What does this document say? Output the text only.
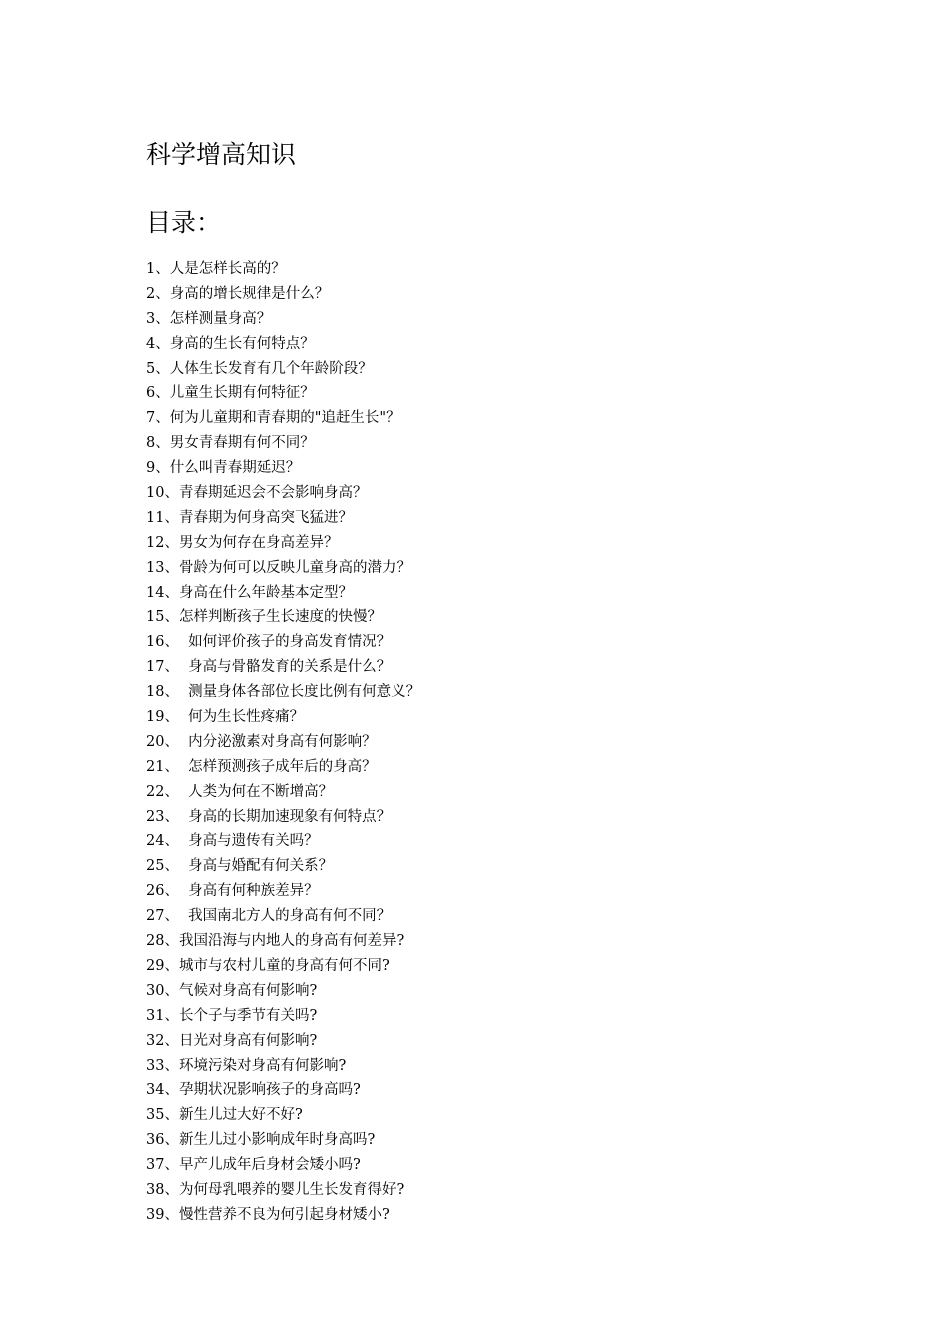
科学增高知识
目录：
1、人是怎样长高的？
2、身高的增长规律是什么？
3、怎样测量身高？
4、身高的生长有何特点？
5、人体生长发育有几个年龄阶段？
6、儿童生长期有何特征？
7、何为儿童期和青春期的"追赶生长"？
8、男女青春期有何不同？
9、什么叫青春期延迟？
10、青春期延迟会不会影响身高？
11、青春期为何身高突飞猛进？
12、男女为何存在身高差异？
13、骨龄为何可以反映儿童身高的潜力？
14、身高在什么年龄基本定型？
15、怎样判断孩子生长速度的快慢？
16、  如何评价孩子的身高发育情况？
17、  身高与骨骼发育的关系是什么？
18、  测量身体各部位长度比例有何意义？
19、  何为生长性疼痛？
20、  内分泌激素对身高有何影响？
21、  怎样预测孩子成年后的身高？
22、  人类为何在不断增高？
23、  身高的长期加速现象有何特点？
24、  身高与遗传有关吗？
25、  身高与婚配有何关系？
26、  身高有何种族差异？
27、  我国南北方人的身高有何不同？
28、我国沿海与内地人的身高有何差异?
29、城市与农村儿童的身高有何不同?
30、气候对身高有何影响?
31、长个子与季节有关吗?
32、日光对身高有何影响?
33、环境污染对身高有何影响?
34、孕期状况影响孩子的身高吗?
35、新生儿过大好不好?
36、新生儿过小影响成年时身高吗?
37、早产儿成年后身材会矮小吗?
38、为何母乳喂养的婴儿生长发育得好?
39、慢性营养不良为何引起身材矮小?
